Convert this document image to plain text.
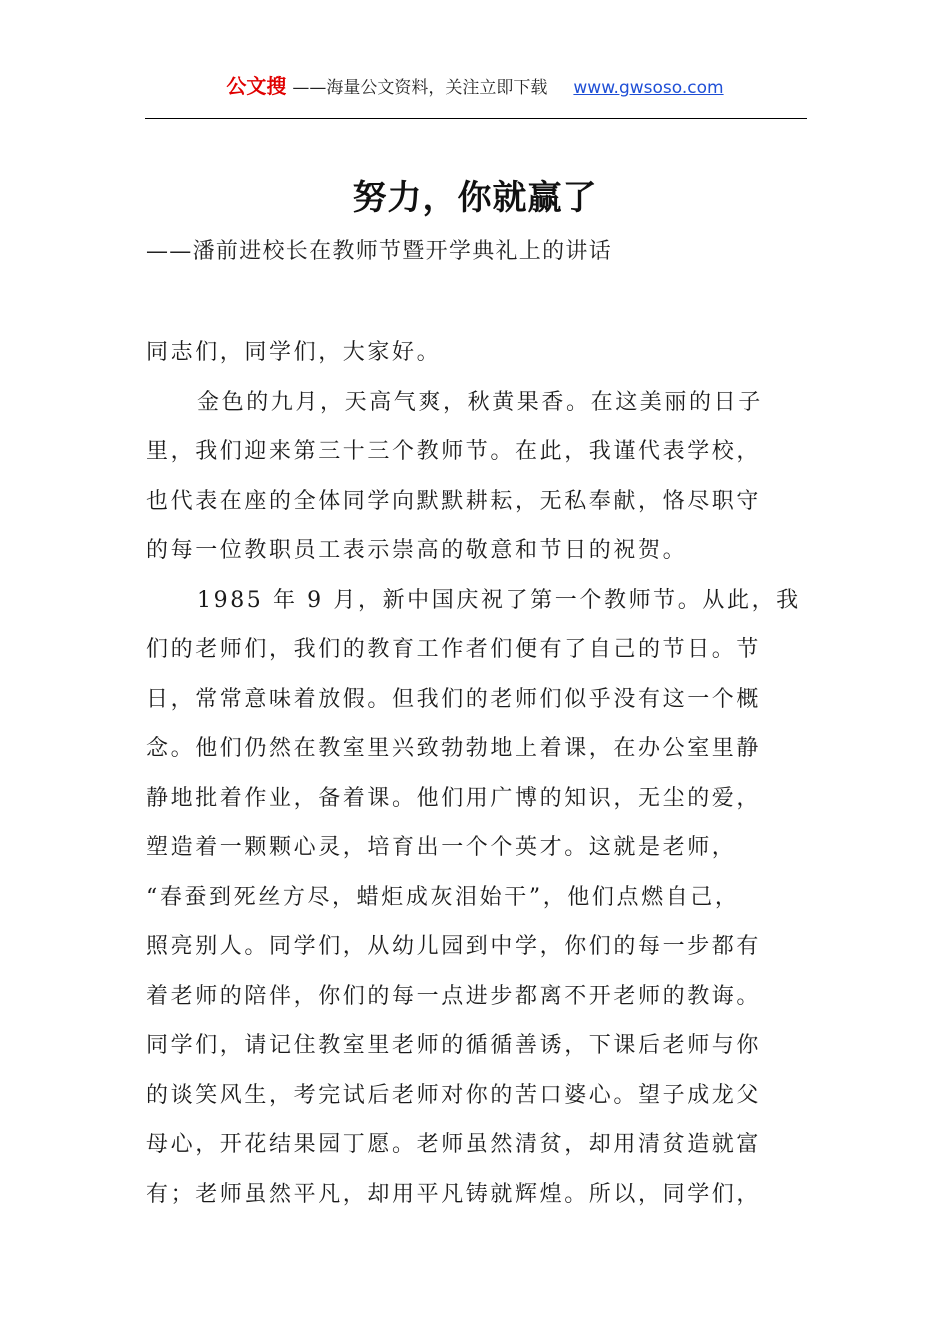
公文搜 ——海量公文资料，关注立即下载 www.gwsoso.com
努力，你就赢了
——潘前进校长在教师节暨开学典礼上的讲话
同志们，同学们，大家好。
金色的九月，天高气爽，秋黄果香。在这美丽的日子
里，我们迎来第三十三个教师节。在此，我谨代表学校，
也代表在座的全体同学向默默耕耘，无私奉献，恪尽职守
的每一位教职员工表示崇高的敬意和节日的祝贺。
1985 年 9 月，新中国庆祝了第一个教师节。从此，我
们的老师们，我们的教育工作者们便有了自己的节日。节
日，常常意味着放假。但我们的老师们似乎没有这一个概
念。他们仍然在教室里兴致勃勃地上着课，在办公室里静
静地批着作业，备着课。他们用广博的知识，无尘的爱，
塑造着一颗颗心灵，培育出一个个英才。这就是老师，
“春蚕到死丝方尽，蜡炬成灰泪始干”，他们点燃自己，
照亮别人。同学们，从幼儿园到中学，你们的每一步都有
着老师的陪伴，你们的每一点进步都离不开老师的教诲。
同学们，请记住教室里老师的循循善诱，下课后老师与你
的谈笑风生，考完试后老师对你的苦口婆心。望子成龙父
母心，开花结果园丁愿。老师虽然清贫，却用清贫造就富
有；老师虽然平凡，却用平凡铸就辉煌。所以，同学们，
